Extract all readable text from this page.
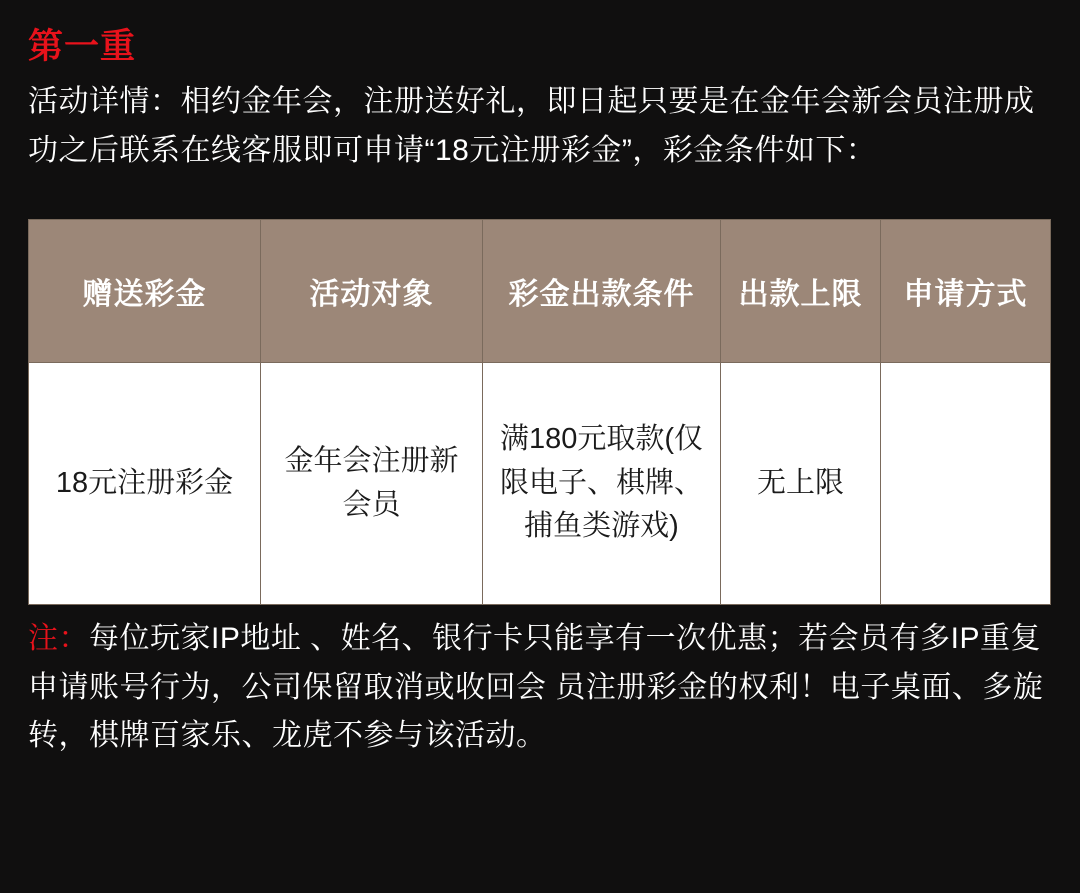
第一重
活动详情：相约金年会，注册送好礼，即日起只要是在金年会新会员注册成功之后联系在线客服即可申请“18元注册彩金”，彩金条件如下：
赠送彩金	活动对象	彩金出款条件	出款上限	申请方式
18元注册彩金	金年会注册新会员	满180元取款(仅限电子、棋牌、捕鱼类游戏)	无上限	
注：每位玩家IP地址 、姓名、银行卡只能享有一次优惠；若会员有多IP重复申请账号行为，公司保留取消或收回会 员注册彩金的权利！电子桌面、多旋转，棋牌百家乐、龙虎不参与该活动。
